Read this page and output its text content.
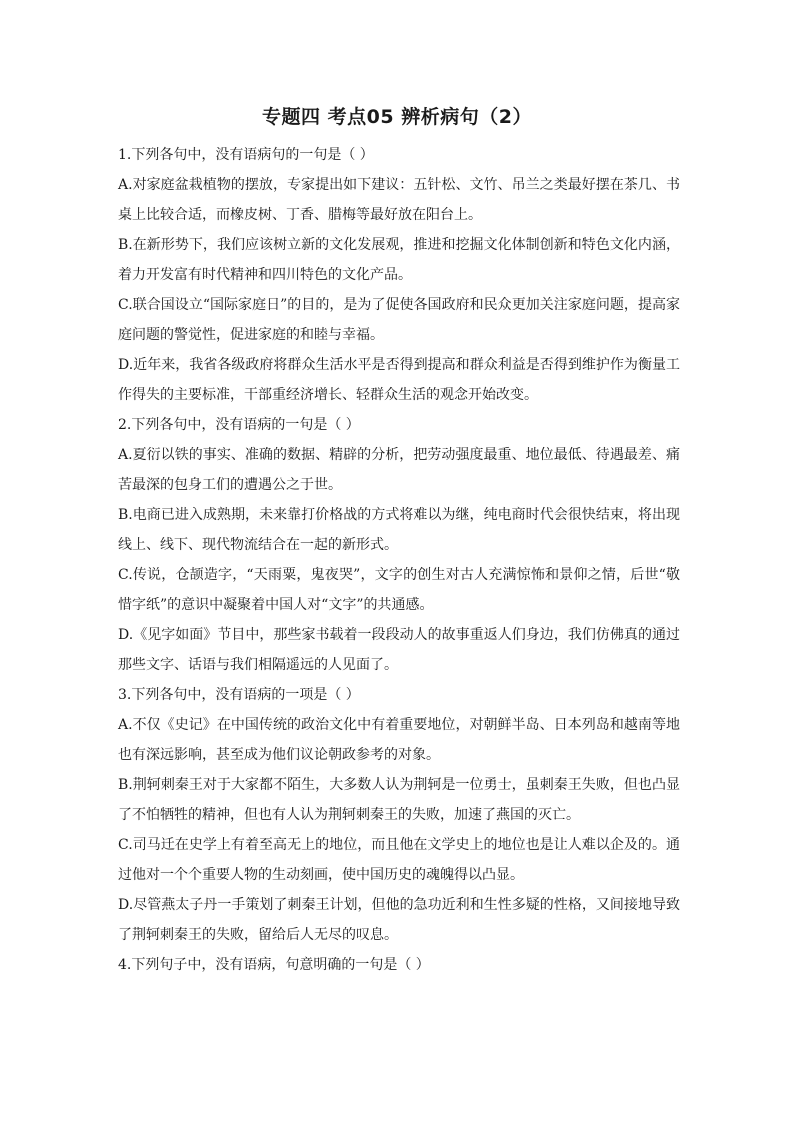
专题四 考点05 辨析病句（2）

1.下列各句中，没有语病句的一句是（ ）

A.对家庭盆栽植物的摆放，专家提出如下建议：五针松、文竹、吊兰之类最好摆在茶几、书桌上比较合适，而橡皮树、丁香、腊梅等最好放在阳台上。

B.在新形势下，我们应该树立新的文化发展观，推进和挖掘文化体制创新和特色文化内涵，着力开发富有时代精神和四川特色的文化产品。

C.联合国设立“国际家庭日”的目的，是为了促使各国政府和民众更加关注家庭问题，提高家庭问题的警觉性，促进家庭的和睦与幸福。

D.近年来，我省各级政府将群众生活水平是否得到提高和群众利益是否得到维护作为衡量工作得失的主要标准，干部重经济增长、轻群众生活的观念开始改变。

2.下列各句中，没有语病的一句是（ ）

A.夏衍以铁的事实、准确的数据、精辟的分析，把劳动强度最重、地位最低、待遇最差、痛苦最深的包身工们的遭遇公之于世。

B.电商已进入成熟期，未来靠打价格战的方式将难以为继，纯电商时代会很快结束，将出现线上、线下、现代物流结合在一起的新形式。

C.传说，仓颉造字，“天雨粟，鬼夜哭”，文字的创生对古人充满惊怖和景仰之情，后世“敬惜字纸”的意识中凝聚着中国人对“文字”的共通感。

D.《见字如面》节目中，那些家书载着一段段动人的故事重返人们身边，我们仿佛真的通过那些文字、话语与我们相隔遥远的人见面了。

3.下列各句中，没有语病的一项是（ ）

A.不仅《史记》在中国传统的政治文化中有着重要地位，对朝鲜半岛、日本列岛和越南等地也有深远影响，甚至成为他们议论朝政参考的对象。

B.荆轲刺秦王对于大家都不陌生，大多数人认为荆轲是一位勇士，虽刺秦王失败，但也凸显了不怕牺牲的精神，但也有人认为荆轲刺秦王的失败，加速了燕国的灭亡。

C.司马迁在史学上有着至高无上的地位，而且他在文学史上的地位也是让人难以企及的。通过他对一个个重要人物的生动刻画，使中国历史的魂魄得以凸显。

D.尽管燕太子丹一手策划了刺秦王计划，但他的急功近利和生性多疑的性格，又间接地导致了荆轲刺秦王的失败，留给后人无尽的叹息。

4.下列句子中，没有语病，句意明确的一句是（ ）
